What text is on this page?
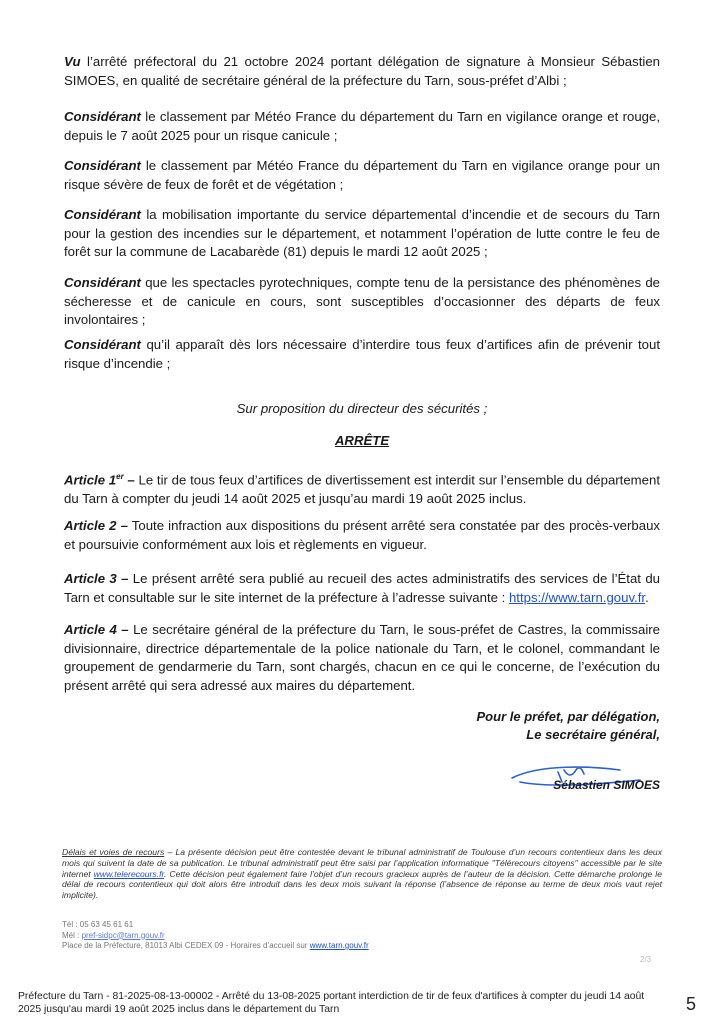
Vu l’arrêté préfectoral du 21 octobre 2024 portant délégation de signature à Monsieur Sébastien SIMOES, en qualité de secrétaire général de la préfecture du Tarn, sous-préfet d’Albi ;
Considérant le classement par Météo France du département du Tarn en vigilance orange et rouge, depuis le 7 août 2025 pour un risque canicule ;
Considérant le classement par Météo France du département du Tarn en vigilance orange pour un risque sévère de feux de forêt et de végétation ;
Considérant la mobilisation importante du service départemental d’incendie et de secours du Tarn pour la gestion des incendies sur le département, et notamment l’opération de lutte contre le feu de forêt sur la commune de Lacabarède (81) depuis le mardi 12 août 2025 ;
Considérant que les spectacles pyrotechniques, compte tenu de la persistance des phénomènes de sécheresse et de canicule en cours, sont susceptibles d’occasionner des départs de feux involontaires ;
Considérant qu’il apparaît dès lors nécessaire d’interdire tous feux d’artifices afin de prévenir tout risque d’incendie ;
Sur proposition du directeur des sécurités ;
ARRÊTE
Article 1er – Le tir de tous feux d’artifices de divertissement est interdit sur l’ensemble du département du Tarn à compter du jeudi 14 août 2025 et jusqu’au mardi 19 août 2025 inclus.
Article 2 – Toute infraction aux dispositions du présent arrêté sera constatée par des procès-verbaux et poursuivie conformément aux lois et règlements en vigueur.
Article 3 – Le présent arrêté sera publié au recueil des actes administratifs des services de l’État du Tarn et consultable sur le site internet de la préfecture à l’adresse suivante : https://www.tarn.gouv.fr.
Article 4 – Le secrétaire général de la préfecture du Tarn, le sous-préfet de Castres, la commissaire divisionnaire, directrice départementale de la police nationale du Tarn, et le colonel, commandant le groupement de gendarmerie du Tarn, sont chargés, chacun en ce qui le concerne, de l’exécution du présent arrêté qui sera adressé aux maires du département.
Pour le préfet, par délégation,
Le secrétaire général,
Sébastien SIMOES
Délais et voies de recours – La présente décision peut être contestée devant le tribunal administratif de Toulouse d’un recours contentieux dans les deux mois qui suivent la date de sa publication. Le tribunal administratif peut être saisi par l’application informatique "Télérecours citoyens" accessible par le site internet www.telerecours.fr. Cette décision peut également faire l’objet d’un recours gracieux auprès de l’auteur de la décision. Cette démarche prolonge le délai de recours contentieux qui doit alors être introduit dans les deux mois suivant la réponse (l’absence de réponse au terme de deux mois vaut rejet implicite).
Tél : 05 63 45 61 61
Mél : pref-sidpc@tarn.gouv.fr
Place de la Préfecture, 81013 Albi CEDEX 09 - Horaires d’accueil sur www.tarn.gouv.fr
2/3
Préfecture du Tarn - 81-2025-08-13-00002 - Arrêté du 13-08-2025 portant interdiction de tir de feux d'artifices à compter du jeudi 14 août 2025 jusqu'au mardi 19 août 2025 inclus dans le département du Tarn	5
